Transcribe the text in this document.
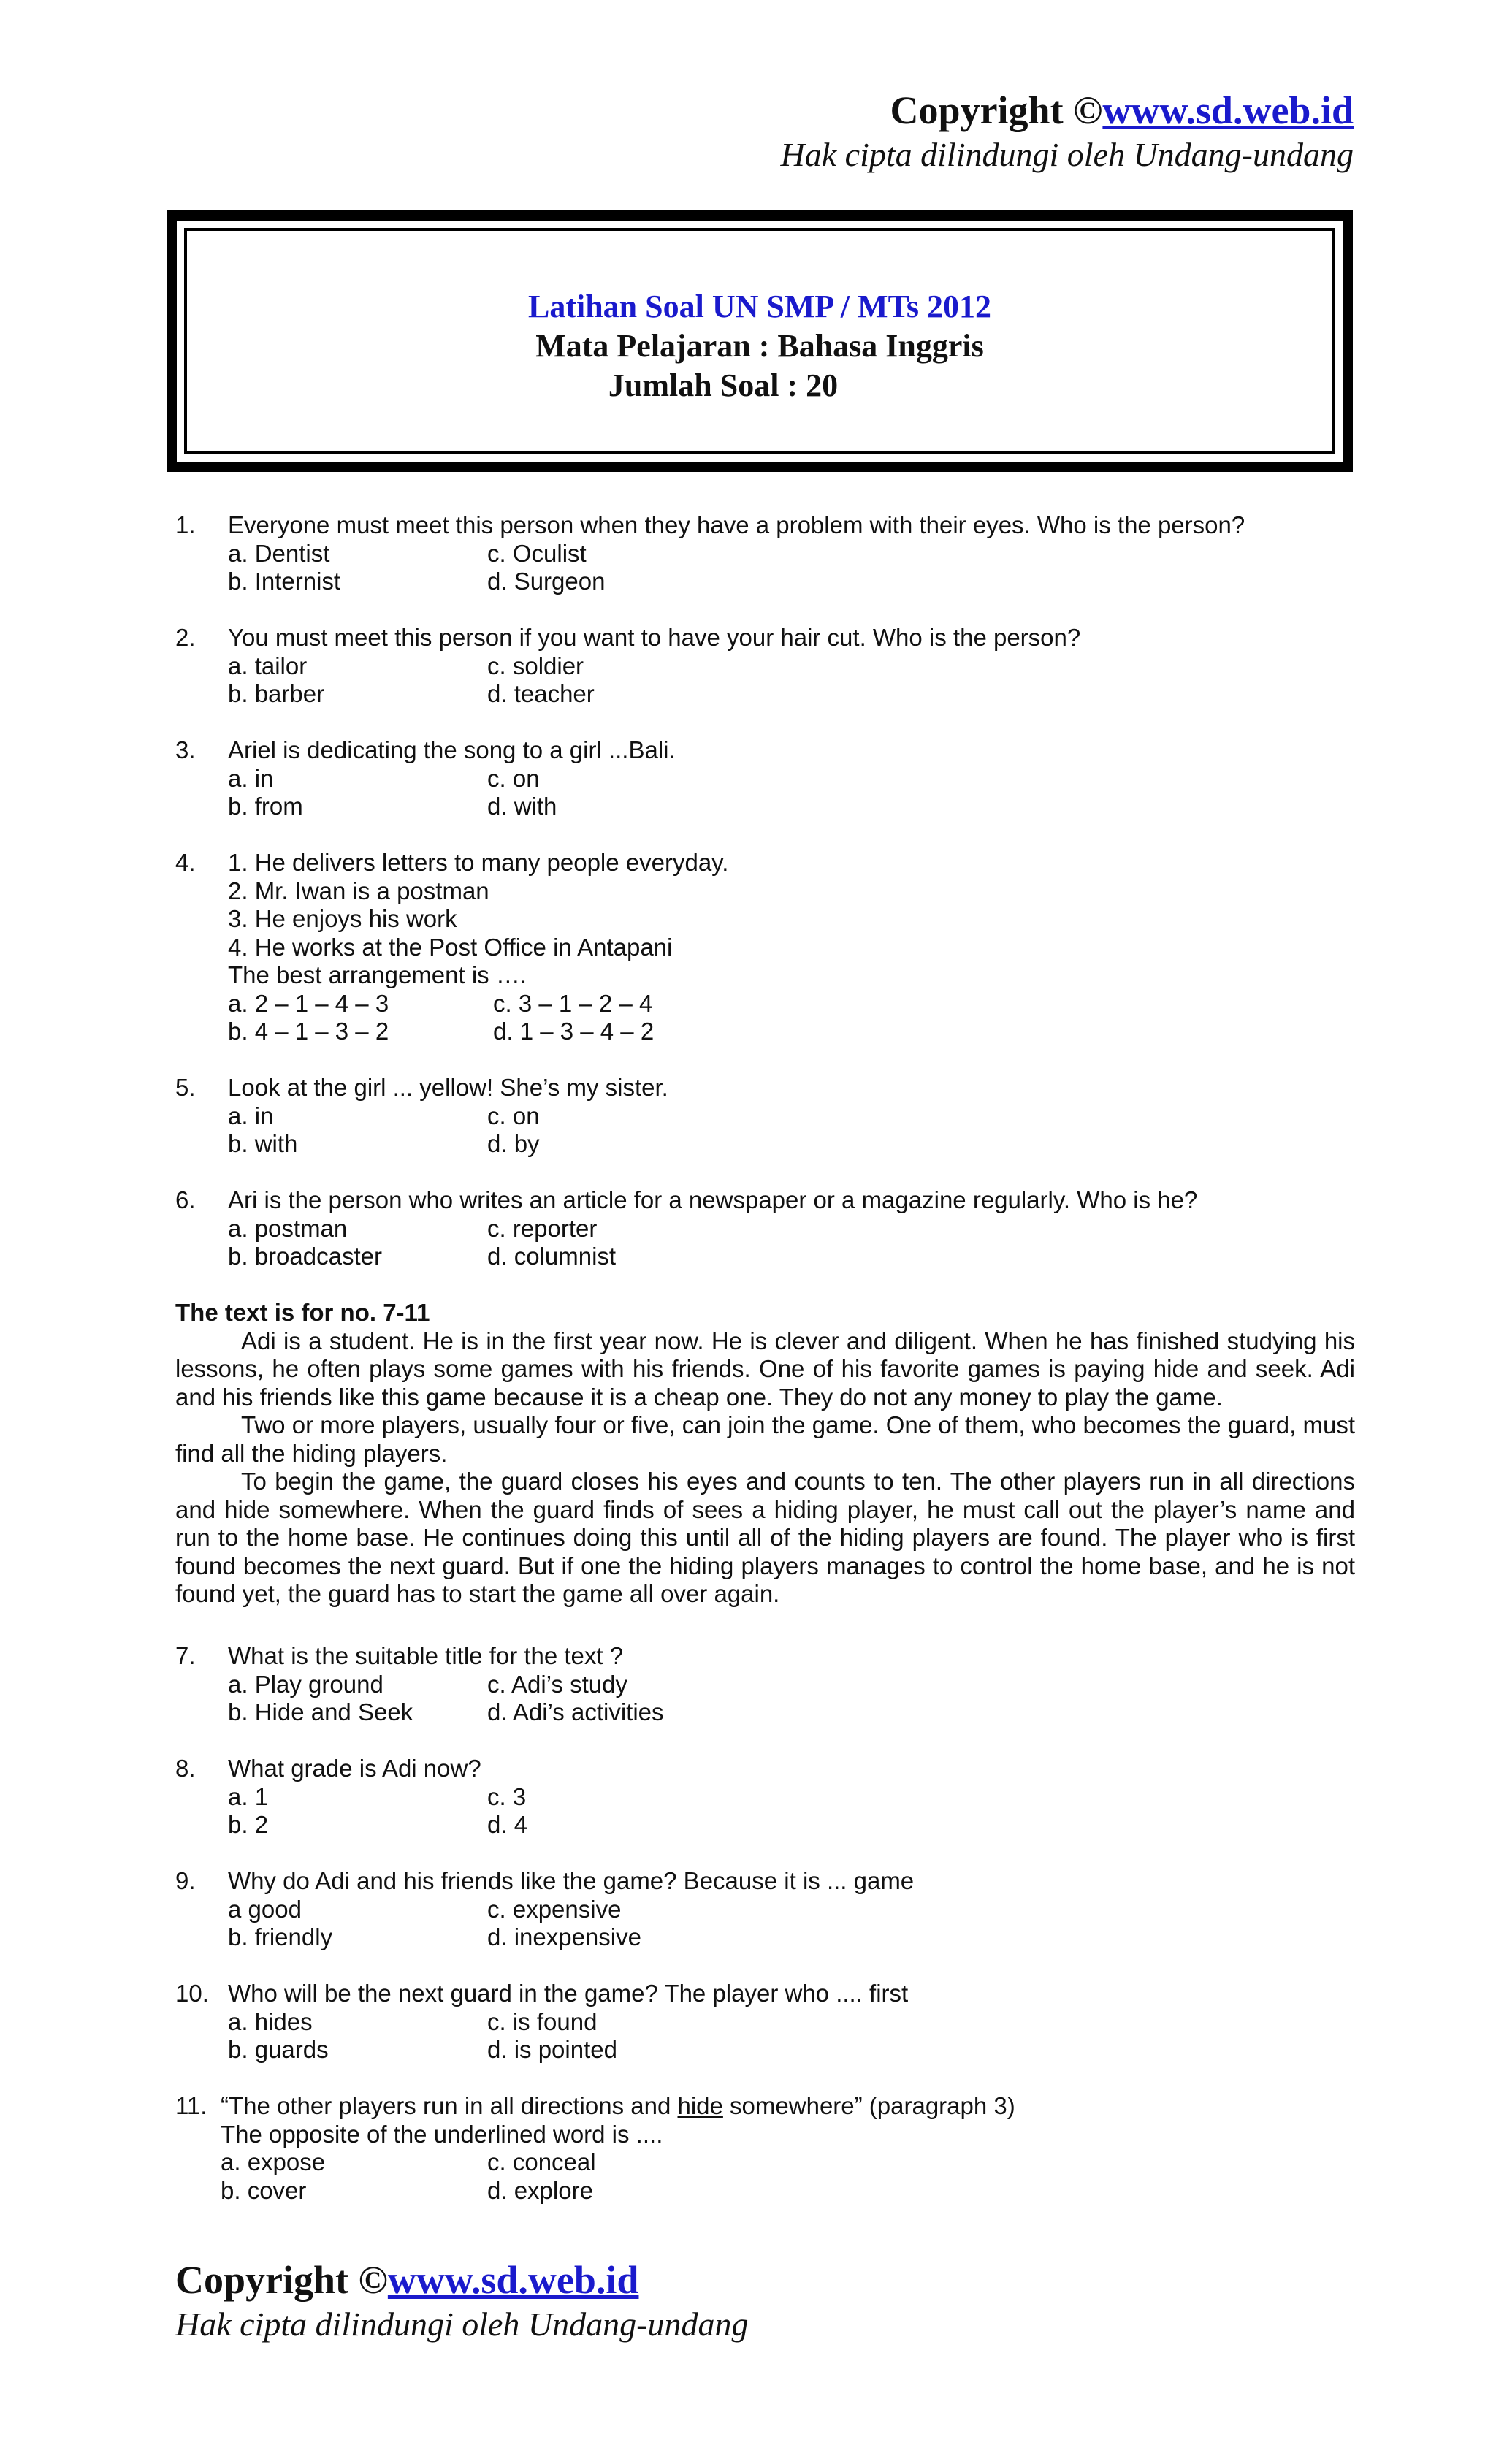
Copyright ©www.sd.web.id
Hak cipta dilindungi oleh Undang-undang
Latihan Soal UN SMP / MTs 2012
Mata Pelajaran : Bahasa Inggris
Jumlah Soal : 20
1. Everyone must meet this person when they have a problem with their eyes. Who is the person?
a. Dentist
b. Internist
c. Oculist
d. Surgeon
2. You must meet this person if you want to have your hair cut. Who is the person?
a. tailor
b. barber
c. soldier
d. teacher
3. Ariel is dedicating the song to a girl ...Bali.
a. in
b. from
c. on
d. with
4. 1. He delivers letters to many people everyday.
2. Mr. Iwan is a postman
3. He enjoys his work
4. He works at the Post Office in Antapani
The best arrangement is ….
a. 2 – 1 – 4 – 3
b. 4 – 1 – 3 – 2
c. 3 – 1 – 2 – 4
d. 1 – 3 – 4 – 2
5. Look at the girl ... yellow! She’s my sister.
a. in
b. with
c. on
d. by
6. Ari is the person who writes an article for a newspaper or a magazine regularly. Who is he?
a. postman
b. broadcaster
c. reporter
d. columnist

The text is for no. 7-11

Adi is a student. He is in the first year now. He is clever and diligent. When he has finished studying his lessons, he often plays some games with his friends. One of his favorite games is paying hide and seek. Adi and his friends like this game because it is a cheap one. They do not any money to play the game.

Two or more players, usually four or five, can join the game. One of them, who becomes the guard, must find all the hiding players.

To begin the game, the guard closes his eyes and counts to ten. The other players run in all directions and hide somewhere. When the guard finds of sees a hiding player, he must call out the player’s name and run to the home base. He continues doing this until all of the hiding players are found. The player who is first found becomes the next guard. But if one the hiding players manages to control the home base, and he is not found yet, the guard has to start the game all over again.

7. What is the suitable title for the text ?
a. Play ground
b. Hide and Seek
c. Adi’s study
d. Adi’s activities
8. What grade is Adi now?
a. 1
b. 2
c. 3
d. 4
9. Why do Adi and his friends like the game? Because it is ... game
a good
b. friendly
c. expensive
d. inexpensive
10. Who will be the next guard in the game? The player who .... first
a. hides
b. guards
c. is found
d. is pointed
11. “The other players run in all directions and hide somewhere” (paragraph 3)
The opposite of the underlined word is ....
a. expose
b. cover
c. conceal
d. explore
Copyright ©www.sd.web.id
Hak cipta dilindungi oleh Undang-undang
